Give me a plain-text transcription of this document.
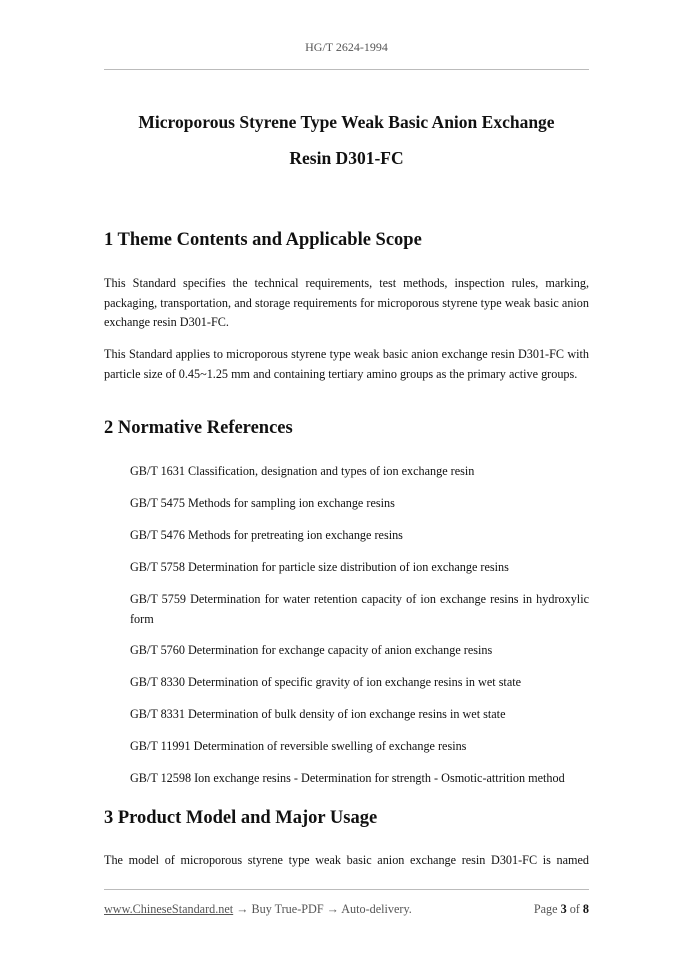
HG/T 2624-1994
Microporous Styrene Type Weak Basic Anion Exchange
Resin D301-FC
1 Theme Contents and Applicable Scope

This Standard specifies the technical requirements, test methods, inspection rules, marking, packaging, transportation, and storage requirements for microporous styrene type weak basic anion exchange resin D301-FC.

This Standard applies to microporous styrene type weak basic anion exchange resin D301-FC with particle size of 0.45~1.25 mm and containing tertiary amino groups as the primary active groups.

2 Normative References

GB/T 1631 Classification, designation and types of ion exchange resin

GB/T 5475 Methods for sampling ion exchange resins

GB/T 5476 Methods for pretreating ion exchange resins

GB/T 5758 Determination for particle size distribution of ion exchange resins

GB/T 5759 Determination for water retention capacity of ion exchange resins in hydroxylic form

GB/T 5760 Determination for exchange capacity of anion exchange resins

GB/T 8330 Determination of specific gravity of ion exchange resins in wet state

GB/T 8331 Determination of bulk density of ion exchange resins in wet state

GB/T 11991 Determination of reversible swelling of exchange resins

GB/T 12598 Ion exchange resins - Determination for strength - Osmotic-attrition method

3 Product Model and Major Usage

The model of microporous styrene type weak basic anion exchange resin D301-FC is named

www.ChineseStandard.net → Buy True-PDF → Auto-delivery.	Page 3 of 8
